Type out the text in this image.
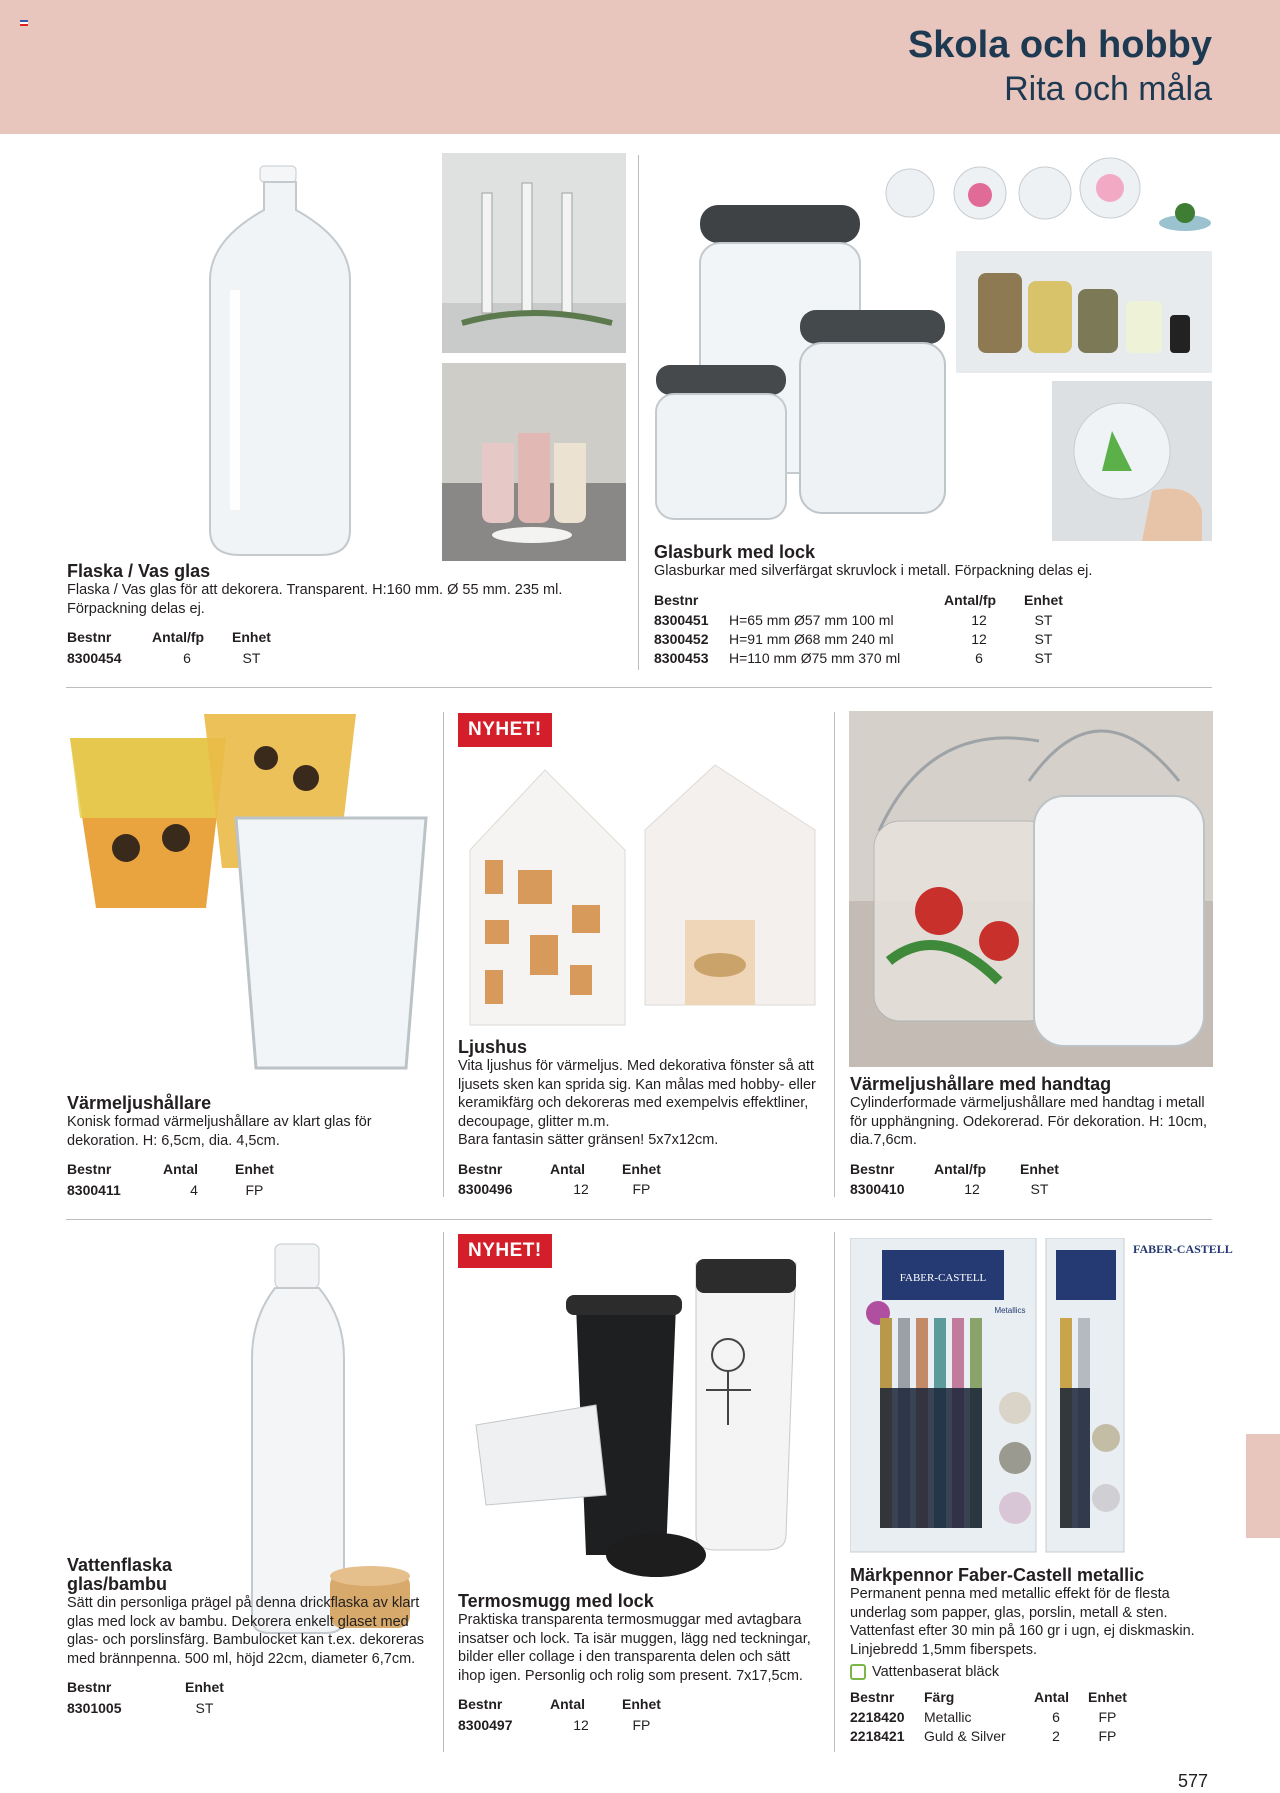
Skola och hobby
Rita och måla
Flaska / Vas glas

Flaska / Vas glas för att dekorera. Transparent. H:160 mm. Ø 55 mm. 235 ml. Förpackning delas ej.

Bestnr	Antal/fp	Enhet
8300454	6	ST
Glasburk med lock

Glasburkar med silverfärgat skruvlock i metall. Förpackning delas ej.

Bestnr		Antal/fp	Enhet
8300451	H=65 mm Ø57 mm 100 ml	12	ST
8300452	H=91 mm Ø68 mm 240 ml	12	ST
8300453	H=110 mm Ø75 mm 370 ml	6	ST
NYHET!
Värmeljushållare

Konisk formad värmeljushållare av klart glas för dekoration. H: 6,5cm, dia. 4,5cm.

Bestnr	Antal	Enhet
8300411	4	FP
Ljushus

Vita ljushus för värmeljus. Med dekorativa fönster så att ljusets sken kan sprida sig. Kan målas med hobby- eller keramikfärg och dekoreras med exempelvis effektliner, decoupage, glitter m.m.

Bara fantasin sätter gränsen! 5x7x12cm.

Bestnr	Antal	Enhet
8300496	12	FP
Värmeljushållare med handtag

Cylinderformade värmeljushållare med handtag i metall för upphängning. Odekorerad. För dekoration. H: 10cm, dia.7,6cm.

Bestnr	Antal/fp	Enhet
8300410	12	ST
NYHET!
FABER-CASTELL
Metallics
FABER-CASTELL
Vattenflaska glas/bambu

Sätt din personliga prägel på denna drickflaska av klart glas med lock av bambu. Dekorera enkelt glaset med glas- och porslinsfärg. Bambulocket kan t.ex. dekoreras med brännpenna. 500 ml, höjd 22cm, diameter 6,7cm.

Bestnr	Enhet
8301005	ST
Termosmugg med lock

Praktiska transparenta termosmuggar med avtagbara insatser och lock. Ta isär muggen, lägg ned teckningar, bilder eller collage i den transparenta delen och sätt ihop igen. Personlig och rolig som present. 7x17,5cm.

Bestnr	Antal	Enhet
8300497	12	FP
Märkpennor Faber-Castell metallic

Permanent penna med metallic effekt för de flesta underlag som papper, glas, porslin, metall & sten. Vattenfast efter 30 min på 160 gr i ugn, ej diskmaskin. Linjebredd 1,5mm fiberspets.

Vattenbaserat bläck
Bestnr	Färg	Antal	Enhet
2218420	Metallic	6	FP
2218421	Guld & Silver	2	FP
577
